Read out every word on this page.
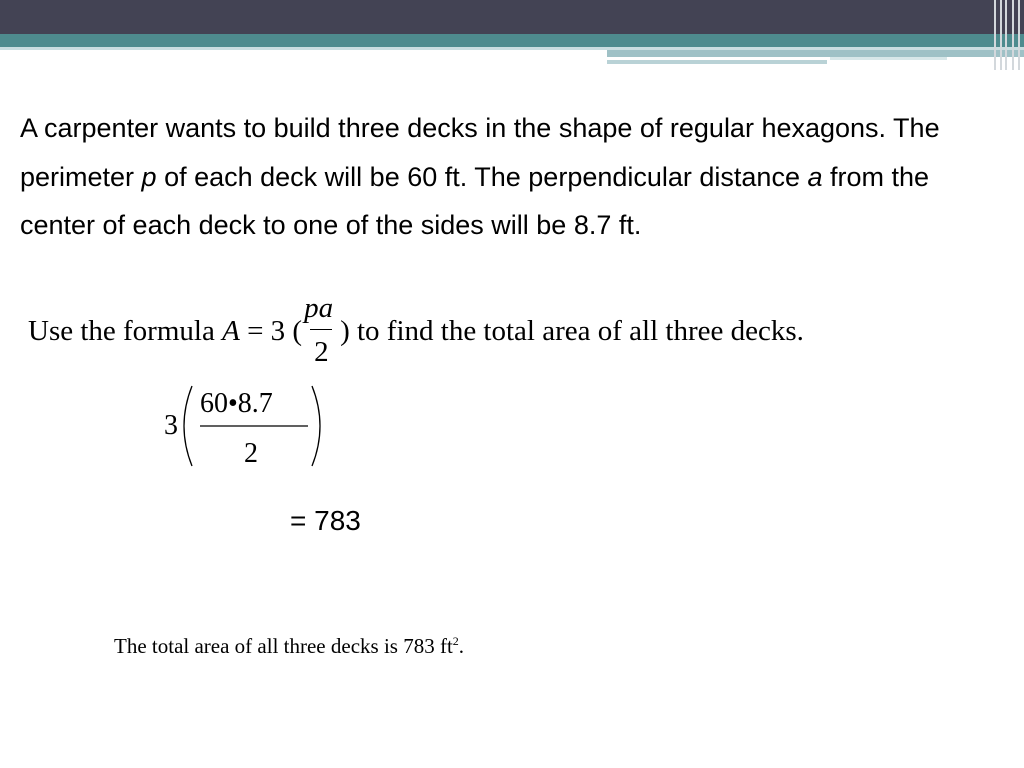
A carpenter wants to build three decks in the shape of regular hexagons. The perimeter p of each deck will be 60 ft. The perpendicular distance a from the center of each deck to one of the sides will be 8.7 ft.

Use the formula A = 3 ( $\frac{pa}{2}$ ) to find the total area of all three decks.
3
60•8.7
2
= 783
The total area of all three decks is 783 $ft^2$.
